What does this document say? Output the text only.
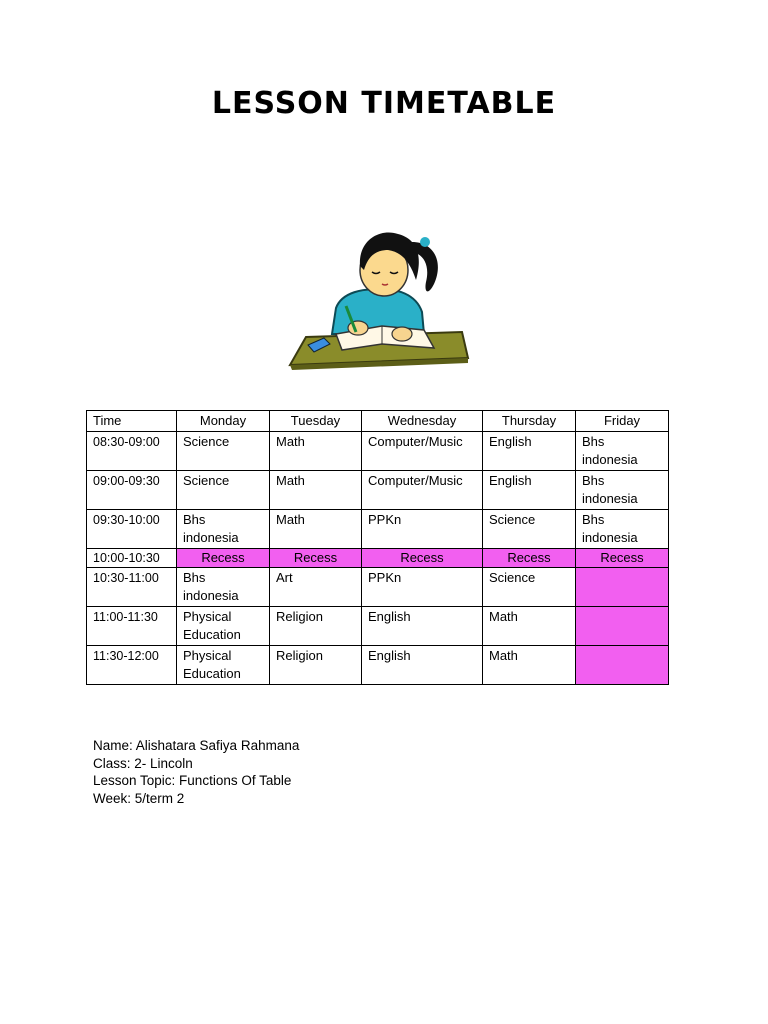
LESSON TIMETABLE
Time	Monday	Tuesday	Wednesday	Thursday	Friday
08:30-09:00	Science	Math	Computer/Music	English	Bhs indonesia
09:00-09:30	Science	Math	Computer/Music	English	Bhs indonesia
09:30-10:00	Bhs indonesia	Math	PPKn	Science	Bhs indonesia
10:00-10:30	Recess	Recess	Recess	Recess	Recess
10:30-11:00	Bhs indonesia	Art	PPKn	Science	
11:00-11:30	Physical Education	Religion	English	Math	
11:30-12:00	Physical Education	Religion	English	Math	
Name: Alishatara Safiya Rahmana
Class: 2- Lincoln
Lesson Topic: Functions Of Table
Week: 5/term 2
